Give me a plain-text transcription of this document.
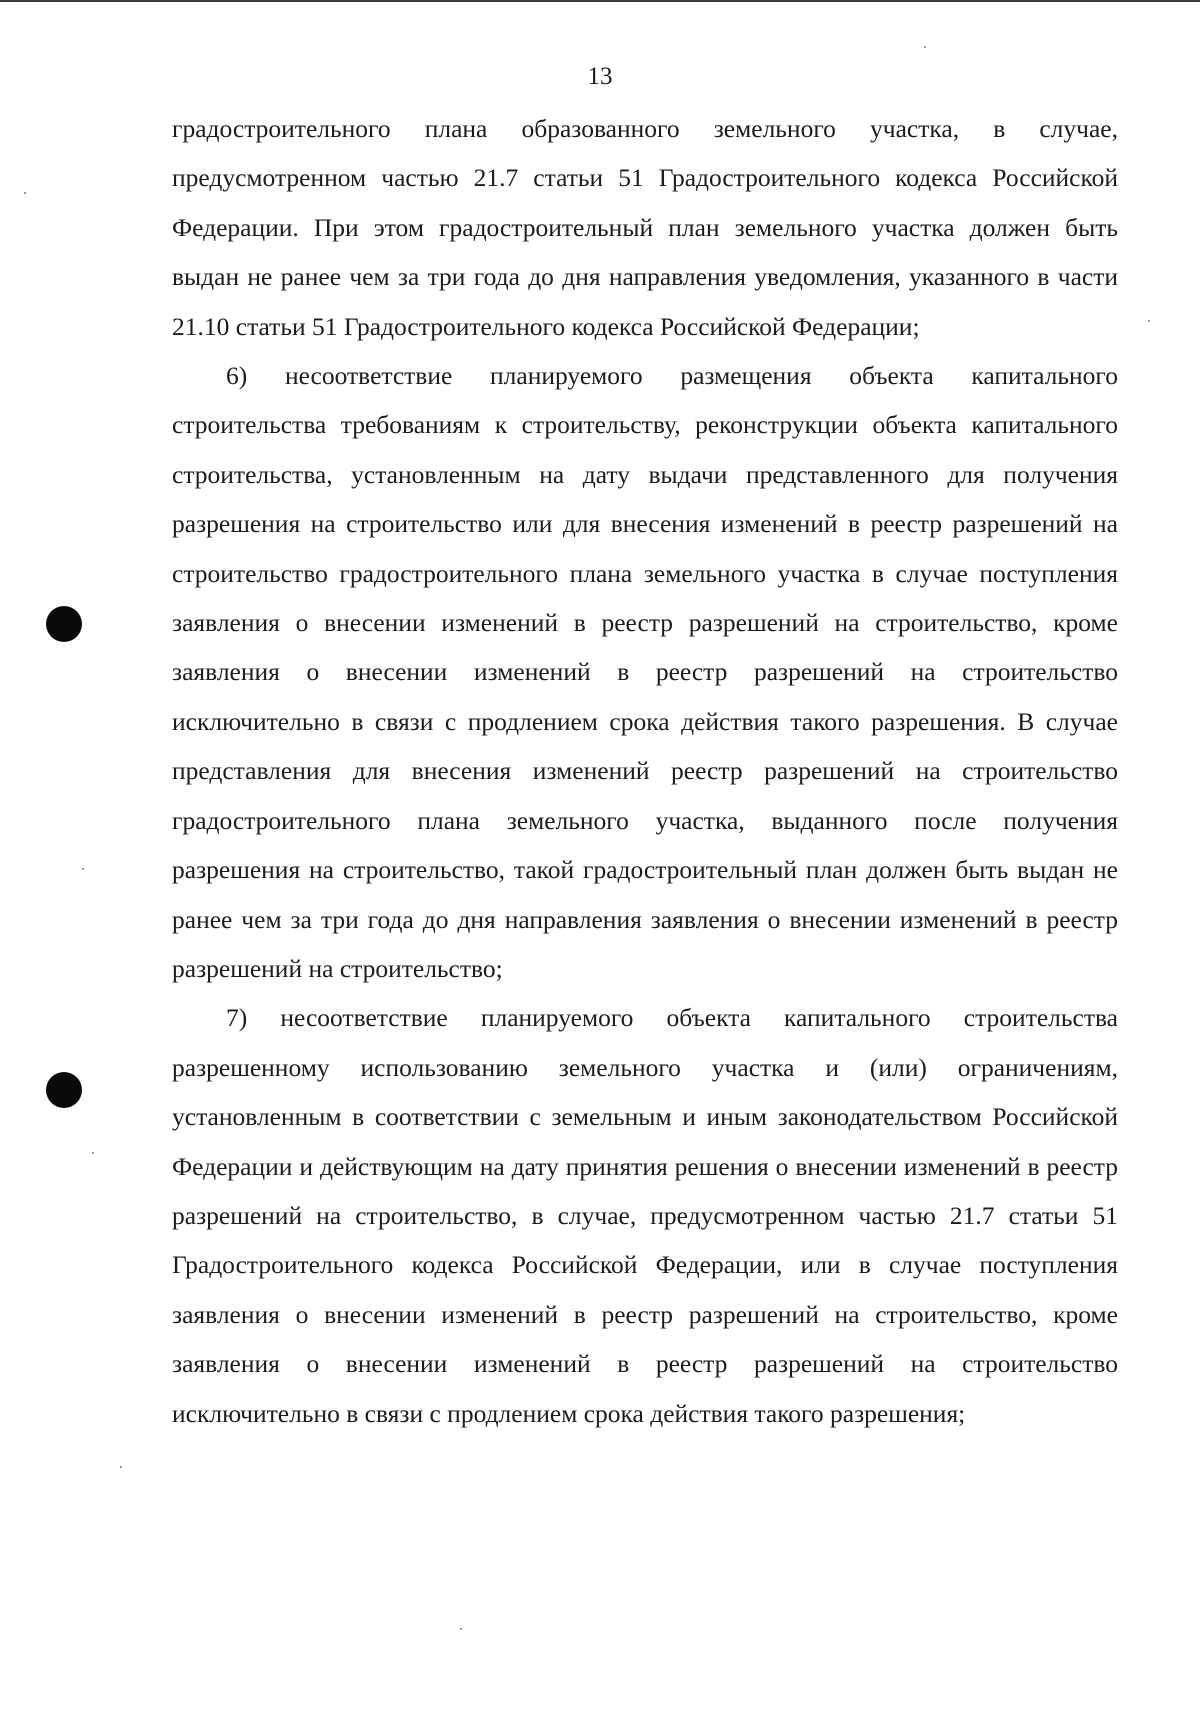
13

градостроительного плана образованного земельного участка, в случае, предусмотренном частью 21.7 статьи 51 Градостроительного кодекса Российской Федерации. При этом градостроительный план земельного участка должен быть выдан не ранее чем за три года до дня направления уведомления, указанного в части 21.10 статьи 51 Градостроительного кодекса Российской Федерации;

6) несоответствие планируемого размещения объекта капитального строительства требованиям к строительству, реконструкции объекта капитального строительства, установленным на дату выдачи представленного для получения разрешения на строительство или для внесения изменений в реестр разрешений на строительство градостроительного плана земельного участка в случае поступления заявления о внесении изменений в реестр разрешений на строительство, кроме заявления о внесении изменений в реестр разрешений на строительство исключительно в связи с продлением срока действия такого разрешения. В случае представления для внесения изменений реестр разрешений на строительство градостроительного плана земельного участка, выданного после получения разрешения на строительство, такой градостроительный план должен быть выдан не ранее чем за три года до дня направления заявления о внесении изменений в реестр разрешений на строительство;

7) несоответствие планируемого объекта капитального строительства разрешенному использованию земельного участка и (или) ограничениям, установленным в соответствии с земельным и иным законодательством Российской Федерации и действующим на дату принятия решения о внесении изменений в реестр разрешений на строительство, в случае, предусмотренном частью 21.7 статьи 51 Градостроительного кодекса Российской Федерации, или в случае поступления заявления о внесении изменений в реестр разрешений на строительство, кроме заявления о внесении изменений в реестр разрешений на строительство исключительно в связи с продлением срока действия такого разрешения;
